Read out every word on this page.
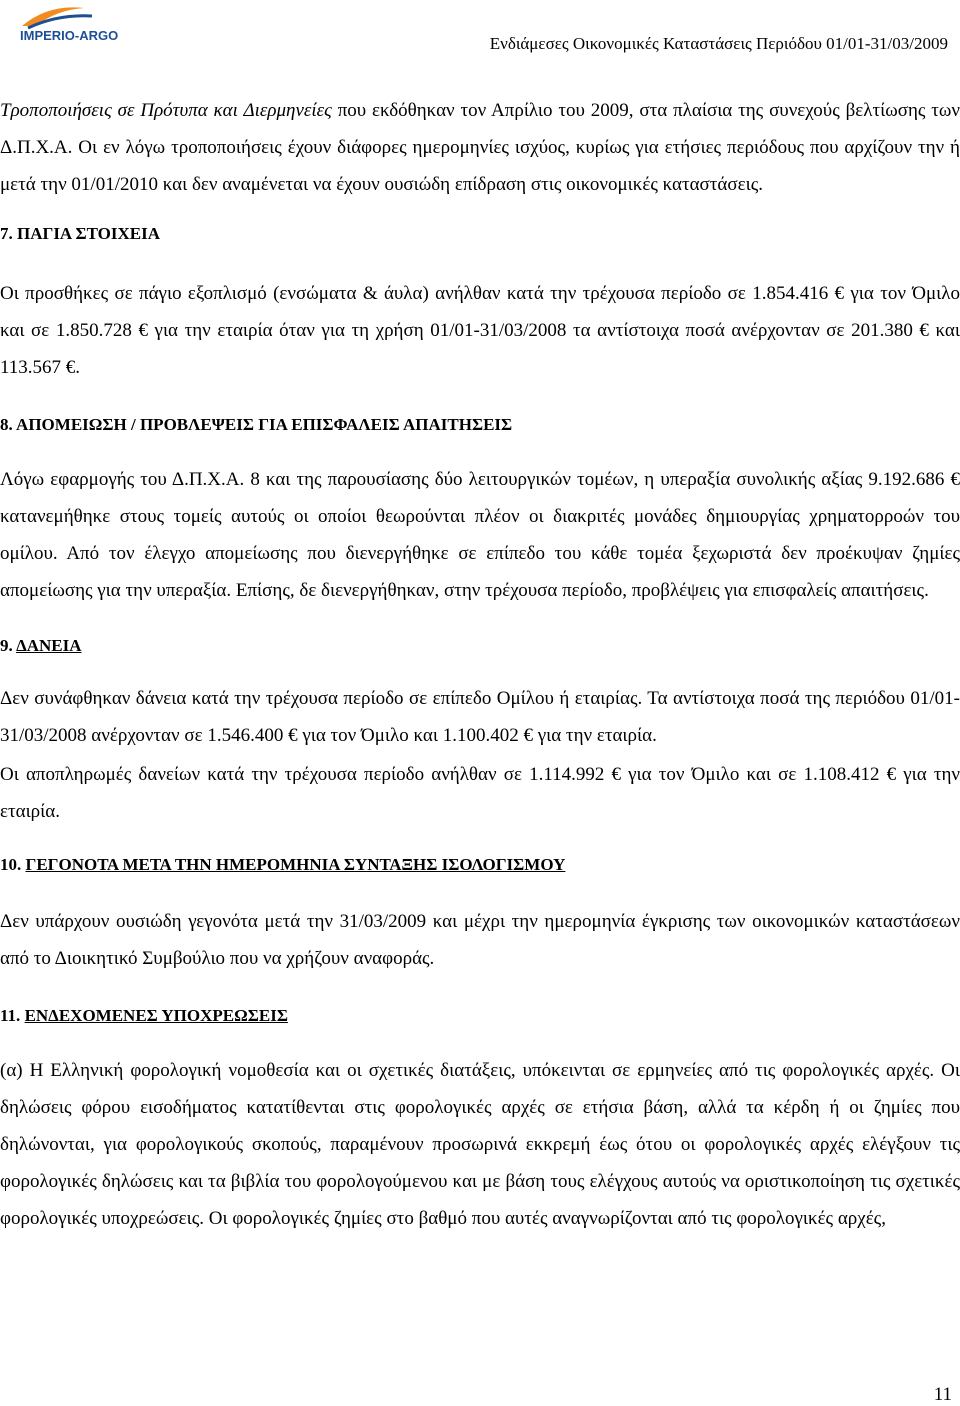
IMPERIO-ARGO	Ενδιάμεσες Οικονομικές Καταστάσεις Περιόδου 01/01-31/03/2009

Τροποποιήσεις σε Πρότυπα και Διερμηνείες που εκδόθηκαν τον Απρίλιο του 2009, στα πλαίσια της συνεχούς βελτίωσης των Δ.Π.Χ.Α. Οι εν λόγω τροποποιήσεις έχουν διάφορες ημερομηνίες ισχύος, κυρίως για ετήσιες περιόδους που αρχίζουν την ή μετά την 01/01/2010 και δεν αναμένεται να έχουν ουσιώδη επίδραση στις οικονομικές καταστάσεις.

7. ΠΑΓΙΑ ΣΤΟΙΧΕΙΑ

Οι προσθήκες σε πάγιο εξοπλισμό (ενσώματα & άυλα) ανήλθαν κατά την τρέχουσα περίοδο σε 1.854.416 € για τον Όμιλο και σε 1.850.728 € για την εταιρία όταν για τη χρήση 01/01-31/03/2008 τα αντίστοιχα ποσά ανέρχονταν σε 201.380 € και 113.567 €.

8. ΑΠΟΜΕΙΩΣΗ / ΠΡΟΒΛΕΨΕΙΣ ΓΙΑ ΕΠΙΣΦΑΛΕΙΣ ΑΠΑΙΤΗΣΕΙΣ

Λόγω εφαρμογής του Δ.Π.Χ.Α. 8 και της παρουσίασης δύο λειτουργικών τομέων, η υπεραξία συνολικής αξίας 9.192.686 € κατανεμήθηκε στους τομείς αυτούς οι οποίοι θεωρούνται πλέον οι διακριτές μονάδες δημιουργίας χρηματορροών του ομίλου. Από τον έλεγχο απομείωσης που διενεργήθηκε σε επίπεδο του κάθε τομέα ξεχωριστά δεν προέκυψαν ζημίες απομείωσης για την υπεραξία. Επίσης, δε διενεργήθηκαν, στην τρέχουσα περίοδο, προβλέψεις για επισφαλείς απαιτήσεις.

9. ΔΑΝΕΙΑ

Δεν συνάφθηκαν δάνεια κατά την τρέχουσα περίοδο σε επίπεδο Ομίλου ή εταιρίας. Τα αντίστοιχα ποσά της περιόδου 01/01-31/03/2008 ανέρχονταν σε 1.546.400 € για τον Όμιλο και 1.100.402 € για την εταιρία.

Οι αποπληρωμές δανείων κατά την τρέχουσα περίοδο ανήλθαν σε 1.114.992 € για τον Όμιλο και σε 1.108.412 € για την εταιρία.

10. ΓΕΓΟΝΟΤΑ ΜΕΤΑ ΤΗΝ ΗΜΕΡΟΜΗΝΙΑ ΣΥΝΤΑΞΗΣ ΙΣΟΛΟΓΙΣΜΟΥ

Δεν υπάρχουν ουσιώδη γεγονότα μετά την 31/03/2009 και μέχρι την ημερομηνία έγκρισης των οικονομικών καταστάσεων από το Διοικητικό Συμβούλιο που να χρήζουν αναφοράς.

11. ΕΝΔΕΧΟΜΕΝΕΣ ΥΠΟΧΡΕΩΣΕΙΣ

(α) Η Ελληνική φορολογική νομοθεσία και οι σχετικές διατάξεις, υπόκεινται σε ερμηνείες από τις φορολογικές αρχές. Οι δηλώσεις φόρου εισοδήματος κατατίθενται στις φορολογικές αρχές σε ετήσια βάση, αλλά τα κέρδη ή οι ζημίες που δηλώνονται, για φορολογικούς σκοπούς, παραμένουν προσωρινά εκκρεμή έως ότου οι φορολογικές αρχές ελέγξουν τις φορολογικές δηλώσεις και τα βιβλία του φορολογούμενου και με βάση τους ελέγχους αυτούς να οριστικοποίηση τις σχετικές φορολογικές υποχρεώσεις. Οι φορολογικές ζημίες στο βαθμό που αυτές αναγνωρίζονται από τις φορολογικές αρχές,

11
